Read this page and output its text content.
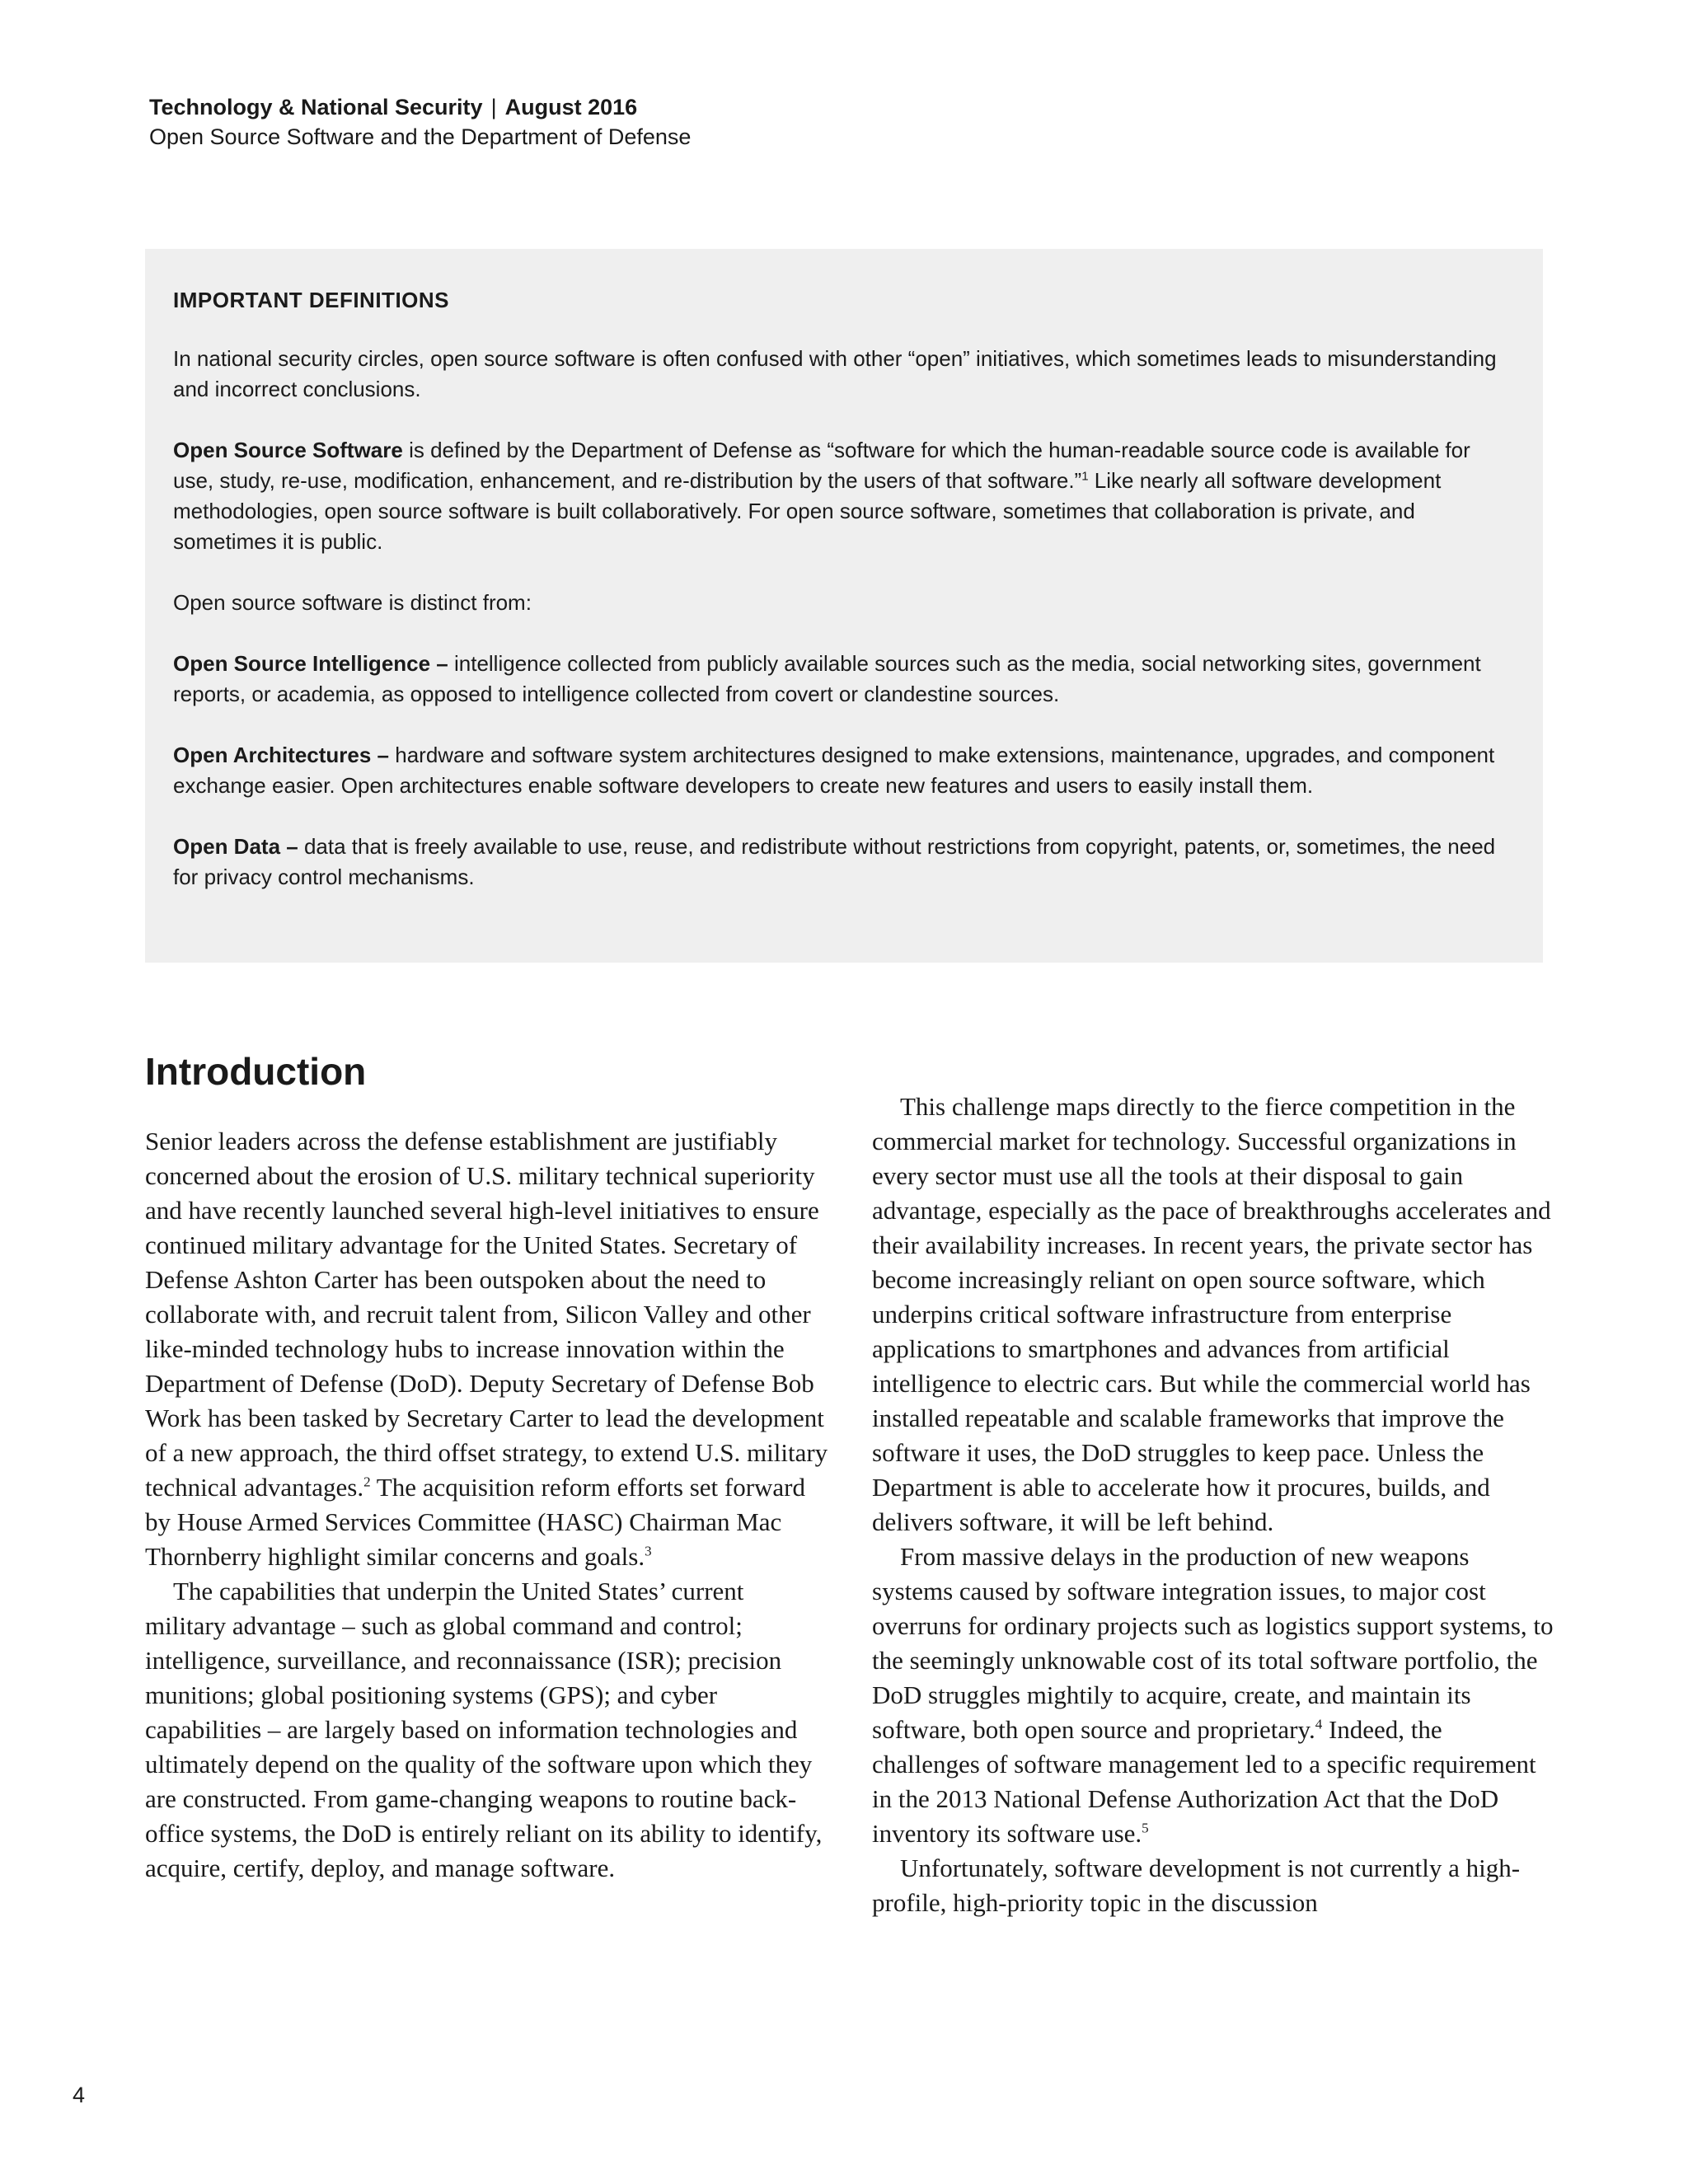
Technology & National Security | August 2016
Open Source Software and the Department of Defense
IMPORTANT DEFINITIONS

In national security circles, open source software is often confused with other “open” initiatives, which sometimes leads to misunderstanding and incorrect conclusions.

Open Source Software is defined by the Department of Defense as “software for which the human-readable source code is available for use, study, re-use, modification, enhancement, and re-distribution by the users of that software.”$^1$ Like nearly all software development methodologies, open source software is built collaboratively. For open source software, sometimes that collaboration is private, and sometimes it is public.

Open source software is distinct from:

Open Source Intelligence – intelligence collected from publicly available sources such as the media, social networking sites, government reports, or academia, as opposed to intelligence collected from covert or clandestine sources.

Open Architectures – hardware and software system architectures designed to make extensions, maintenance, upgrades, and component exchange easier. Open architectures enable software developers to create new features and users to easily install them.

Open Data – data that is freely available to use, reuse, and redistribute without restrictions from copyright, patents, or, sometimes, the need for privacy control mechanisms.

Introduction

Senior leaders across the defense establishment are justifiably concerned about the erosion of U.S. military technical superiority and have recently launched several high-level initiatives to ensure continued military advantage for the United States. Secretary of Defense Ashton Carter has been outspoken about the need to collaborate with, and recruit talent from, Silicon Valley and other like-minded technology hubs to increase innovation within the Department of Defense (DoD). Deputy Secretary of Defense Bob Work has been tasked by Secretary Carter to lead the development of a new approach, the third offset strategy, to extend U.S. military technical advantages.$^2$ The acquisition reform efforts set forward by House Armed Services Committee (HASC) Chairman Mac Thornberry highlight similar concerns and goals.$^3$

The capabilities that underpin the United States’ current military advantage – such as global command and control; intelligence, surveillance, and reconnaissance (ISR); precision munitions; global positioning systems (GPS); and cyber capabilities – are largely based on information technologies and ultimately depend on the quality of the software upon which they are constructed. From game-changing weapons to routine back-office systems, the DoD is entirely reliant on its ability to identify, acquire, certify, deploy, and manage software.

This challenge maps directly to the fierce competition in the commercial market for technology. Successful organizations in every sector must use all the tools at their disposal to gain advantage, especially as the pace of breakthroughs accelerates and their availability increases. In recent years, the private sector has become increasingly reliant on open source software, which underpins critical software infrastructure from enterprise applications to smartphones and advances from artificial intelligence to electric cars. But while the commercial world has installed repeatable and scalable frameworks that improve the software it uses, the DoD struggles to keep pace. Unless the Department is able to accelerate how it procures, builds, and delivers software, it will be left behind.

From massive delays in the production of new weapons systems caused by software integration issues, to major cost overruns for ordinary projects such as logistics support systems, to the seemingly unknowable cost of its total software portfolio, the DoD struggles mightily to acquire, create, and maintain its software, both open source and proprietary.$^4$ Indeed, the challenges of software management led to a specific requirement in the 2013 National Defense Authorization Act that the DoD inventory its software use.$^5$

Unfortunately, software development is not currently a high-profile, high-priority topic in the discussion

4
